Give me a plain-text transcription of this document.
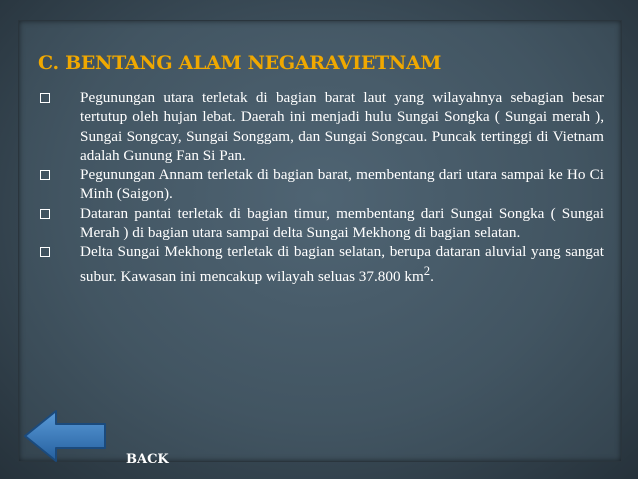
C. BENTANG ALAM NEGARAVIETNAM
Pegunungan utara terletak di bagian barat laut yang wilayahnya sebagian besar tertutup oleh hujan lebat. Daerah ini menjadi hulu Sungai Songka ( Sungai merah ), Sungai Songcay, Sungai Songgam, dan Sungai Songcau. Puncak tertinggi di Vietnam adalah Gunung Fan Si Pan.
Pegunungan Annam terletak di bagian barat, membentang dari utara sampai ke Ho Ci Minh (Saigon).
Dataran pantai terletak di bagian timur, membentang dari Sungai Songka ( Sungai Merah ) di bagian utara sampai delta Sungai Mekhong di bagian selatan.
Delta Sungai Mekhong terletak di bagian selatan, berupa dataran aluvial yang sangat subur. Kawasan ini mencakup wilayah seluas 37.800 $km^2$.
BACK
